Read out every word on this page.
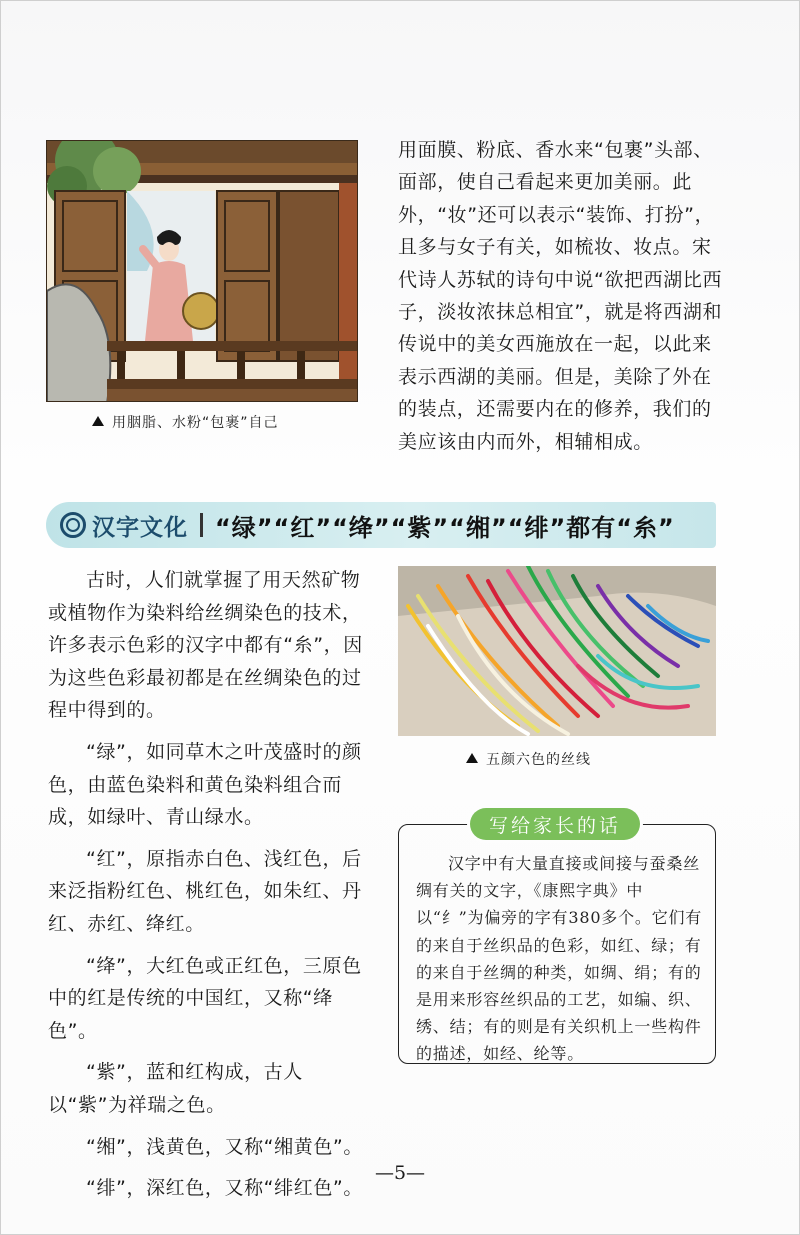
用胭脂、水粉“包裹”自己
用面膜、粉底、香水来“包裹”头部、面部，使自己看起来更加美丽。此外，“妆”还可以表示“装饰、打扮”，且多与女子有关，如梳妆、妆点。宋代诗人苏轼的诗句中说“欲把西湖比西子，淡妆浓抹总相宜”，就是将西湖和传说中的美女西施放在一起，以此来表示西湖的美丽。但是，美除了外在的装点，还需要内在的修养，我们的美应该由内而外，相辅相成。
汉字文化 “绿”“红”“绛”“紫”“缃”“绯”都有“糸”

古时，人们就掌握了用天然矿物或植物作为染料给丝绸染色的技术，许多表示色彩的汉字中都有“糸”，因为这些色彩最初都是在丝绸染色的过程中得到的。

“绿”，如同草木之叶茂盛时的颜色，由蓝色染料和黄色染料组合而成，如绿叶、青山绿水。

“红”，原指赤白色、浅红色，后来泛指粉红色、桃红色，如朱红、丹红、赤红、绛红。

“绛”，大红色或正红色，三原色中的红是传统的中国红，又称“绛色”。

“紫”，蓝和红构成，古人以“紫”为祥瑞之色。

“缃”，浅黄色，又称“缃黄色”。

“绯”，深红色，又称“绯红色”。

五颜六色的丝线
写给家长的话

汉字中有大量直接或间接与蚕桑丝绸有关的文字，《康熙字典》中以“纟”为偏旁的字有380多个。它们有的来自于丝织品的色彩，如红、绿；有的来自于丝绸的种类，如绸、绢；有的是用来形容丝织品的工艺，如编、织、绣、结；有的则是有关织机上一些构件的描述，如经、纶等。

—5—
